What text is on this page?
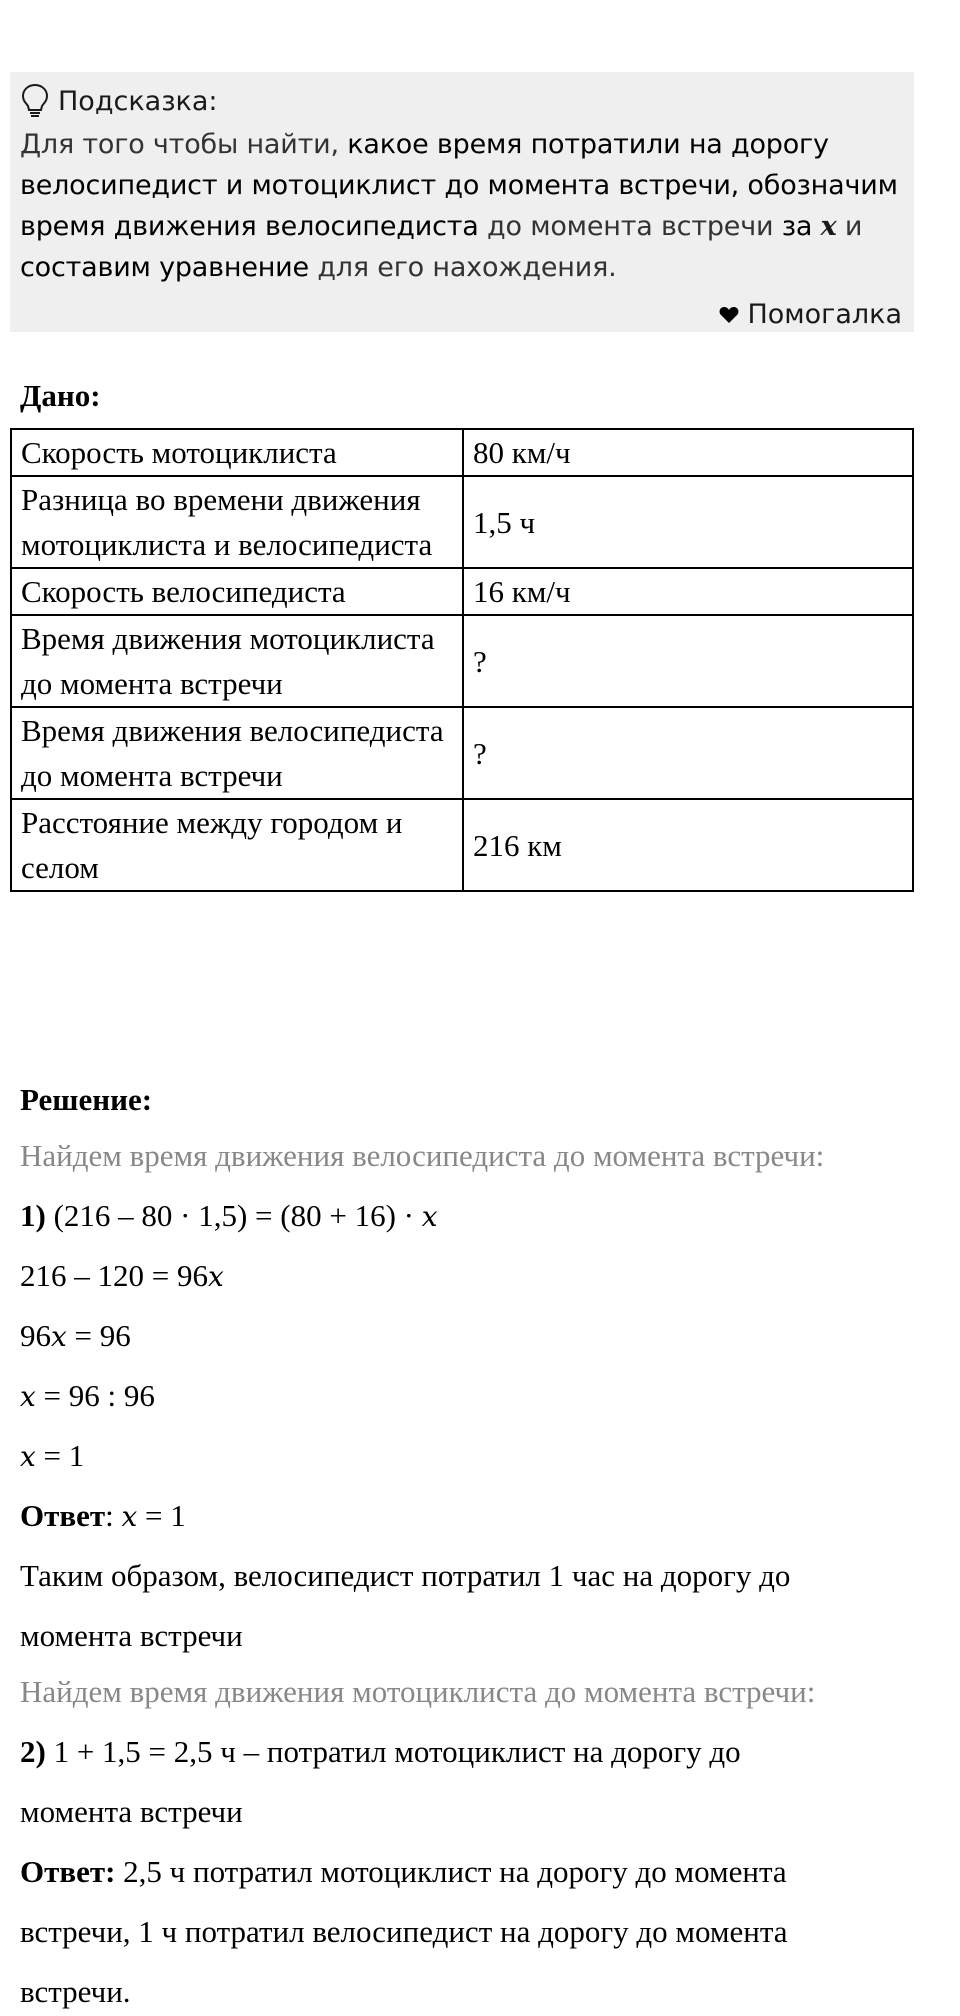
Подсказка:
Для того чтобы найти, какое время потратили на дорогу велосипедист и мотоциклист до момента встречи, обозначим время движения велосипедиста до момента встречи за x и составим уравнение для его нахождения.
Помогалка
Дано:
Скорость мотоциклиста	80 км/ч
Разница во времени движения мотоциклиста и велосипедиста	1,5 ч
Скорость велосипедиста	16 км/ч
Время движения мотоциклиста до момента встречи	?
Время движения велосипедиста до момента встречи	?
Расстояние между городом и селом	216 км
Решение:
Найдем время движения велосипедиста до момента встречи:
1) (216 – 80 · 1,5) = (80 + 16) · x
216 – 120 = 96x
96x = 96
x = 96 : 96
x = 1
Ответ: x = 1
Таким образом, велосипедист потратил 1 час на дорогу до
момента встречи
Найдем время движения мотоциклиста до момента встречи:
2) 1 + 1,5 = 2,5 ч – потратил мотоциклист на дорогу до
момента встречи
Ответ: 2,5 ч потратил мотоциклист на дорогу до момента
встречи, 1 ч потратил велосипедист на дорогу до момента
встречи.
